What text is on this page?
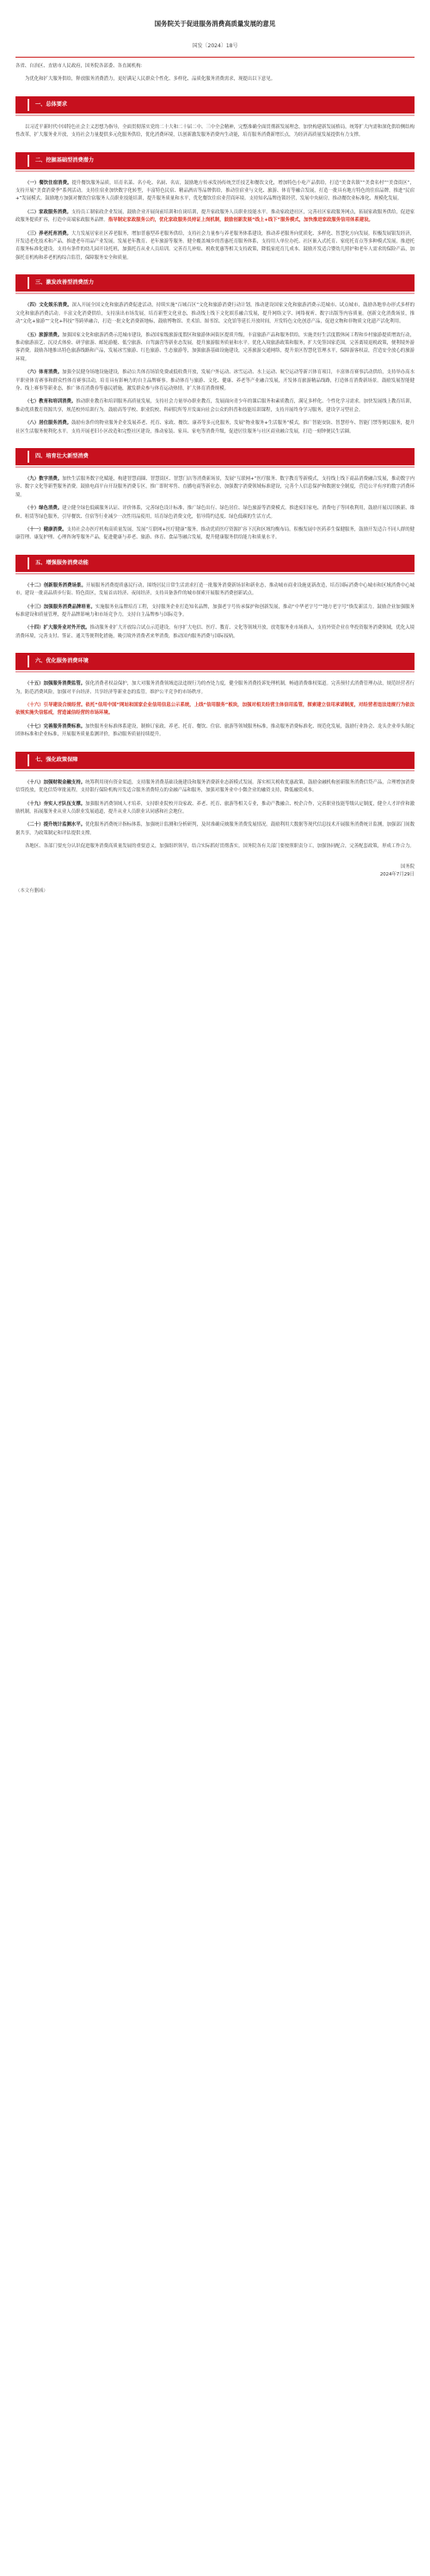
国务院关于促进服务消费高质量发展的意见
国发〔2024〕18号

各省、自治区、直辖市人民政府，国务院各部委、各直属机构：

为优化和扩大服务供给，释放服务消费潜力，更好满足人民群众个性化、多样化、品质化服务消费需求，现提出以下意见。

一、总体要求

以习近平新时代中国特色社会主义思想为指导，全面贯彻落实党的二十大和二十届二中、三中全会精神，完整准确全面贯彻新发展理念，加快构建新发展格局，统筹扩大内需和深化供给侧结构性改革，扩大服务业开放，支持社会力量提供多元化服务供给，优化消费环境，以创新激发服务消费内生动能，培育服务消费新增长点，为经济高质量发展提供有力支撑。

二、挖掘基础型消费潜力

（一）餐饮住宿消费。提升餐饮服务品质，培育名菜、名小吃、名厨、名店，鼓励地方传承发扬传统烹饪技艺和餐饮文化，增加特色小吃产品供给，打造“美食名镇”“美食名村”“美食街区”，支持开展“美食消费季”系列活动。支持住宿业加快数字化转型，丰富特色民宿、精品酒店等品牌供给，推动住宿业与文化、旅游、体育等融合发展，打造一批具有地方特色的住宿品牌，推进“民宿+”发展模式。鼓励地方加强对餐饮住宿服务人员职业技能培训，提升服务质量和水平，优化餐饮住宿业营商环境。支持知名品牌连锁经营，发展中央厨房，推动餐饮业标准化、规模化发展。

（二）家政服务消费。支持员工制家政企业发展，鼓励企业开展岗前培训和在岗培训，提升家政服务人员职业技能水平。推动家政进社区，完善社区家政服务网点，拓展家政服务供给，促进家政服务提质扩容，打造中高端家政服务品牌。指导制定家政服务公约，优化家政服务员持证上岗机制，鼓励创新发展“线上+线下”服务模式，加快推进家政服务信用体系建设。

（三）养老托育消费。大力发展居家社区养老服务，增加普惠型养老服务供给，支持社会力量参与养老服务体系建设，推动养老服务向优质化、多样化、智慧化方向发展。积极发展银发经济，开发适老化技术和产品，推进老年用品产业发展，发展老年教育、老年旅游等服务。健全覆盖城乡的普惠托育服务体系，支持用人单位办托、社区嵌入式托育、家庭托育点等多种模式发展，推进托育服务标准化建设，支持有条件的幼儿园开设托班，加强托育从业人员培训。完善育儿补贴、税收优惠等相关支持政策，降低家庭育儿成本。鼓励开发适合婴幼儿照护和老年人需求的保险产品，加强托育机构和养老机构综合监管，保障服务安全和质量。

三、激发改善型消费活力

（四）文化娱乐消费。深入开展全国文化和旅游消费促进活动，持续实施“百城百区”文化和旅游消费行动计划，推动建设国家文化和旅游消费示范城市、试点城市，鼓励各地举办形式多样的文化和旅游消费活动。丰富文化消费供给，支持演出市场发展，培育新型文化业态，推动线上线下文化娱乐融合发展，提升网络文学、网络视听、数字出版等内容质量。创新文化消费场景，推动“文化+旅游”“文化+科技”等跨界融合，打造一批文化消费新地标，鼓励博物馆、美术馆、图书馆、文化馆等延长开放时间，开发特色文化创意产品，促进文物和非物质文化遗产活化利用。

（五）旅游消费。加强国家文化和旅游消费示范城市建设，推动国家级旅游度假区和旅游休闲街区提质升级，丰富旅游产品和服务供给。实施美好生活度假休闲工程和乡村旅游提质增效行动，推动旅游演艺、沉浸式体验、研学旅游、邮轮游艇、低空旅游、自驾露营等新业态发展，提升旅游服务质量和水平。优化入境旅游政策和服务，扩大免签国家范围，完善离境退税政策，便利境外游客消费。鼓励各地推出特色旅游线路和产品，发展冰雪旅游、红色旅游、生态旅游等，加强旅游基础设施建设，完善旅游交通网络，提升景区智慧化管理水平，保障游客权益，营造安全放心的旅游环境。

（六）体育消费。加强全民健身场地设施建设，推动公共体育场馆免费或低收费开放，发展户外运动、冰雪运动、水上运动、航空运动等新兴体育项目，丰富体育赛事活动供给，支持举办高水平职业体育赛事和群众性体育赛事活动，培育具有影响力的自主品牌赛事。推动体育与旅游、文化、健康、养老等产业融合发展，开发体育旅游精品线路，打造体育消费新场景。鼓励发展智能健身、线上赛事等新业态，推广体育消费券等惠民措施，激发群众参与体育运动热情，扩大体育消费规模。

（七）教育和培训消费。推动职业教育和培训服务高质量发展，支持社会力量举办职业教育，发展面向青少年的课后服务和素质教育，满足多样化、个性化学习需求。加快发展线上教育培训，推动优质教育资源共享，规范校外培训行为。鼓励高等学校、职业院校、科研院所等开发面向社会公众的科普和技能培训课程，支持开展终身学习服务，建设学习型社会。

（八）居住服务消费。鼓励有条件的物业服务企业发展养老、托育、家政、餐饮、康养等多元化服务，发展“物业服务+生活服务”模式，推广智能安防、智慧停车、智能门禁等便民服务，提升社区生活服务便利化水平。支持开展老旧小区改造和完整社区建设，推动家装、家具、家电等消费升级，促进居住服务与社区商业融合发展，打造一刻钟便民生活圈。

四、培育壮大新型消费

（九）数字消费。加快生活服务数字化赋能，构建智慧商圈、智慧街区、智慧门店等消费新场景，发展“互联网+”医疗服务、数字教育等新模式，支持线上线下商品消费融合发展，推动数字内容、数字文化等新型服务消费。鼓励电商平台开设服务消费专区，推广即时零售、直播电商等新业态，加强数字消费领域标准建设，完善个人信息保护和数据安全制度，营造公平有序的数字消费环境。

（十）绿色消费。建立健全绿色低碳服务认证、评价体系，完善绿色设计标准，推广绿色出行、绿色居住、绿色旅游等消费模式。推进废旧家电、消费电子等回收利用，鼓励开展以旧换新、维修、租赁等绿色服务，引导餐饮、住宿等行业减少一次性用品使用，培育绿色消费文化，倡导简约适度、绿色低碳的生活方式。

（十一）健康消费。支持社会办医疗机构高质量发展，发展“互联网+医疗健康”服务，推动优质医疗资源扩容下沉和区域均衡布局。积极发展中医药养生保健服务，鼓励开发适合不同人群的健康管理、康复护理、心理咨询等服务产品，促进健康与养老、旅游、体育、食品等融合发展，提升健康服务供给能力和质量水平。

五、增强服务消费动能

（十二）创新服务消费场景。开展服务消费提质惠民行动，围绕居民日常生活需求打造一批服务消费新场景和新业态，推动城市商业设施更新改造，培育国际消费中心城市和区域消费中心城市，建设一批高品质步行街、特色街区，发展首店经济、夜间经济，支持具备条件的城市探索开展服务消费创新试点。

（十三）加强服务消费品牌培育。实施服务业品牌培育工程，支持服务企业打造知名品牌，加强老字号传承保护和创新发展，推动“中华老字号”“地方老字号”焕发新活力。鼓励企业加强服务标准建设和质量管理，提升品牌影响力和市场竞争力，支持自主品牌参与国际竞争。

（十四）扩大服务业对外开放。推动服务业扩大开放综合试点示范建设，有序扩大电信、医疗、教育、文化等领域开放，放宽服务业市场准入，支持外资企业在华投资服务消费领域，优化入境消费环境，完善支付、签证、通关等便利化措施，吸引境外消费者来华消费，推动国内服务消费与国际接轨。

六、优化服务消费环境

（十五）加强服务消费监管。强化消费者权益保护，加大对服务消费领域违法违规行为的查处力度，健全服务消费投诉处理机制，畅通消费维权渠道。完善预付式消费管理办法，规范经营者行为，防范消费风险，加强对平台经济、共享经济等新业态的监管，维护公平竞争的市场秩序。

（十六）引导建设合规经营。依托“信用中国”网站和国家企业信用信息公示系统，上线“信用服务”板块，加强对相关经营主体信用监管，探索建立信用承诺制度，对经营者违法违规行为依法依规实施失信惩戒，营造诚信经营的市场环境。

（十七）完善服务消费标准。加快服务业标准体系建设，制修订家政、养老、托育、餐饮、住宿、旅游等领域服务标准，推动服务消费标准化、规范化发展，鼓励行业协会、龙头企业牵头制定团体标准和企业标准，开展服务质量监测评价，推动服务质量持续提升。

七、强化政策保障

（十八）加强财税金融支持。统筹利用现有资金渠道，支持服务消费基础设施建设和服务消费新业态新模式发展。落实相关税收优惠政策，鼓励金融机构创新服务消费信贷产品，合理增加消费信贷投放，优化信贷审批流程，支持银行保险机构开发适合服务消费特点的金融产品和服务，加强对服务业中小微企业的融资支持，降低融资成本。

（十九）夯实人才队伍支撑。加强服务消费领域人才培养，支持职业院校开设家政、养老、托育、旅游等相关专业，推动产教融合、校企合作，完善职业技能等级认定制度，健全人才评价和激励机制，拓展服务业从业人员职业发展通道，提升从业人员职业认同感和社会地位。

（二十）提升统计监测水平。优化服务消费统计指标体系，加强统计监测和分析研判，及时准确反映服务消费发展情况。鼓励利用大数据等现代信息技术开展服务消费统计监测，加强部门间数据共享，为政策制定和评估提供支撑。

各地区、各部门要充分认识促进服务消费高质量发展的重要意义，加强组织领导，结合实际抓好贯彻落实。国务院各有关部门要按照职责分工，加强协同配合，完善配套政策，形成工作合力。

国务院
2024年7月29日

（本文有删减）
